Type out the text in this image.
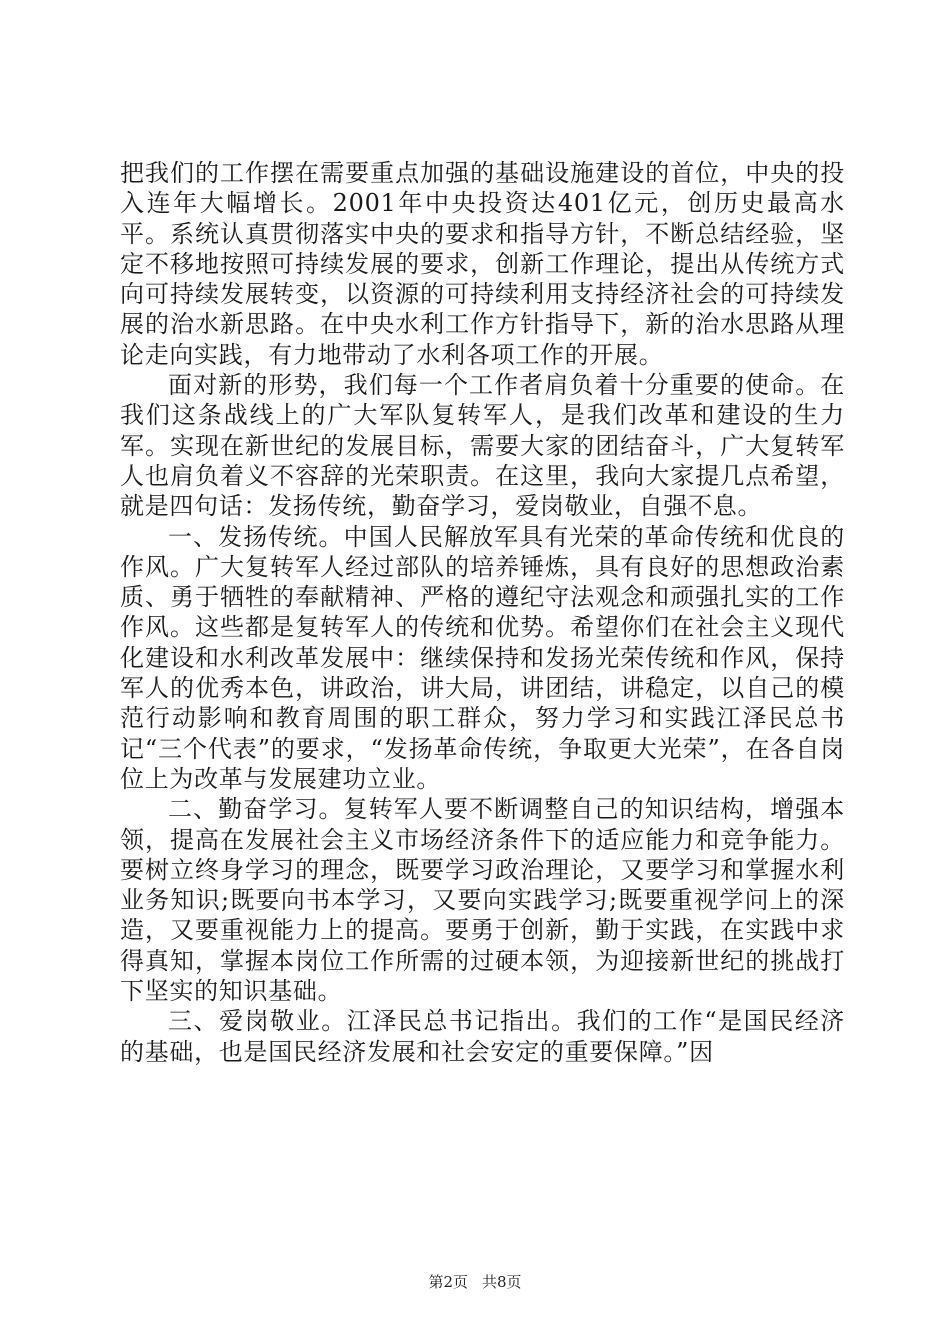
把我们的工作摆在需要重点加强的基础设施建设的首位，中央的投入连年大幅增长。2001年中央投资达401亿元，创历史最高水平。系统认真贯彻落实中央的要求和指导方针，不断总结经验，坚定不移地按照可持续发展的要求，创新工作理论，提出从传统方式向可持续发展转变，以资源的可持续利用支持经济社会的可持续发展的治水新思路。在中央水利工作方针指导下，新的治水思路从理论走向实践，有力地带动了水利各项工作的开展。

面对新的形势，我们每一个工作者肩负着十分重要的使命。在我们这条战线上的广大军队复转军人，是我们改革和建设的生力军。实现在新世纪的发展目标，需要大家的团结奋斗，广大复转军人也肩负着义不容辞的光荣职责。在这里，我向大家提几点希望，就是四句话：发扬传统，勤奋学习，爱岗敬业，自强不息。

一、发扬传统。中国人民解放军具有光荣的革命传统和优良的作风。广大复转军人经过部队的培养锤炼，具有良好的思想政治素质、勇于牺牲的奉献精神、严格的遵纪守法观念和顽强扎实的工作作风。这些都是复转军人的传统和优势。希望你们在社会主义现代化建设和水利改革发展中：继续保持和发扬光荣传统和作风，保持军人的优秀本色，讲政治，讲大局，讲团结，讲稳定，以自己的模范行动影响和教育周围的职工群众，努力学习和实践江泽民总书记“三个代表”的要求，“发扬革命传统，争取更大光荣”，在各自岗位上为改革与发展建功立业。

二、勤奋学习。复转军人要不断调整自己的知识结构，增强本领，提高在发展社会主义市场经济条件下的适应能力和竞争能力。要树立终身学习的理念，既要学习政治理论，又要学习和掌握水利业务知识;既要向书本学习，又要向实践学习;既要重视学问上的深造，又要重视能力上的提高。要勇于创新，勤于实践，在实践中求得真知，掌握本岗位工作所需的过硬本领，为迎接新世纪的挑战打下坚实的知识基础。

三、爱岗敬业。江泽民总书记指出。我们的工作“是国民经济的基础，也是国民经济发展和社会安定的重要保障。”因

第2页 共8页
